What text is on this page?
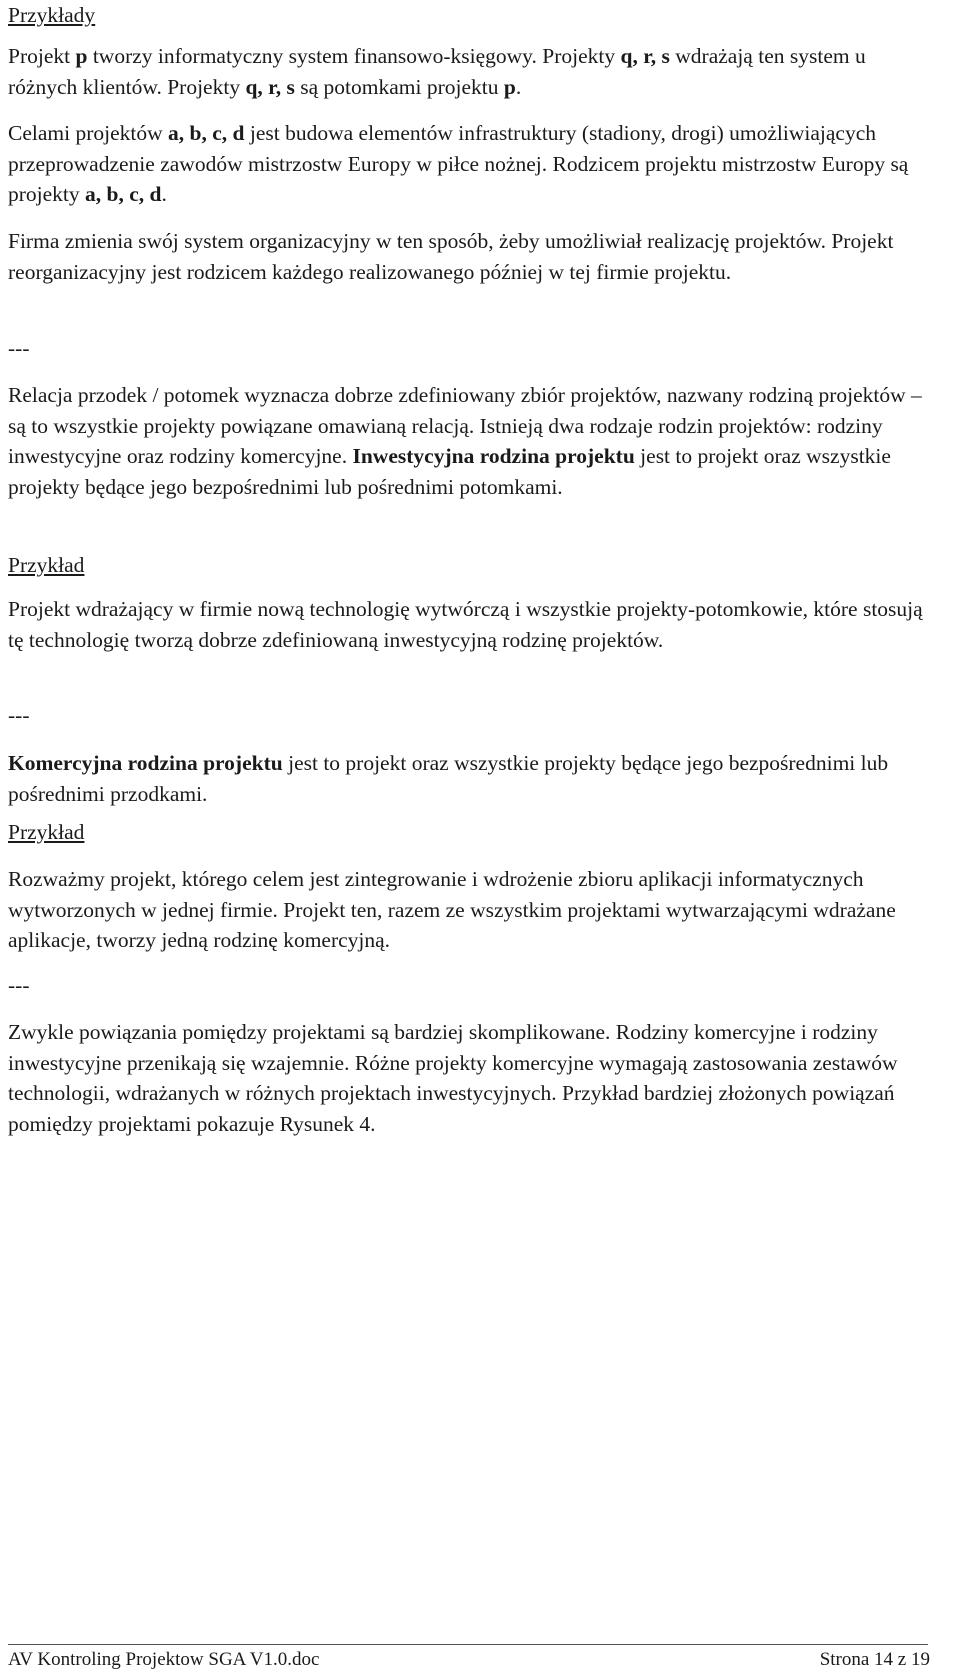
Przykłady

Projekt p tworzy informatyczny system finansowo-księgowy. Projekty q, r, s wdrażają ten system u różnych klientów. Projekty q, r, s są potomkami projektu p.

Celami projektów a, b, c, d jest budowa elementów infrastruktury (stadiony, drogi) umożliwiających przeprowadzenie zawodów mistrzostw Europy w piłce nożnej. Rodzicem projektu mistrzostw Europy są projekty a, b, c, d.

Firma zmienia swój system organizacyjny w ten sposób, żeby umożliwiał realizację projektów. Projekt reorganizacyjny jest rodzicem każdego realizowanego później w tej firmie projektu.

---

Relacja przodek / potomek wyznacza dobrze zdefiniowany zbiór projektów, nazwany rodziną projektów – są to wszystkie projekty powiązane omawianą relacją. Istnieją dwa rodzaje rodzin projektów: rodziny inwestycyjne oraz rodziny komercyjne. Inwestycyjna rodzina projektu jest to projekt oraz wszystkie projekty będące jego bezpośrednimi lub pośrednimi potomkami.

Przykład

Projekt wdrażający w firmie nową technologię wytwórczą i wszystkie projekty-potomkowie, które stosują tę technologię tworzą dobrze zdefiniowaną inwestycyjną rodzinę projektów.

---

Komercyjna rodzina projektu jest to projekt oraz wszystkie projekty będące jego bezpośrednimi lub pośrednimi przodkami.

Przykład

Rozważmy projekt, którego celem jest zintegrowanie i wdrożenie zbioru aplikacji informatycznych wytworzonych w jednej firmie. Projekt ten, razem ze wszystkim projektami wytwarzającymi wdrażane aplikacje, tworzy jedną rodzinę komercyjną.

---

Zwykle powiązania pomiędzy projektami są bardziej skomplikowane. Rodziny komercyjne i rodziny inwestycyjne przenikają się wzajemnie. Różne projekty komercyjne wymagają zastosowania zestawów technologii, wdrażanych w różnych projektach inwestycyjnych. Przykład bardziej złożonych powiązań pomiędzy projektami pokazuje Rysunek 4.

AV Kontroling Projektow SGA V1.0.doc	Strona 14 z 19
